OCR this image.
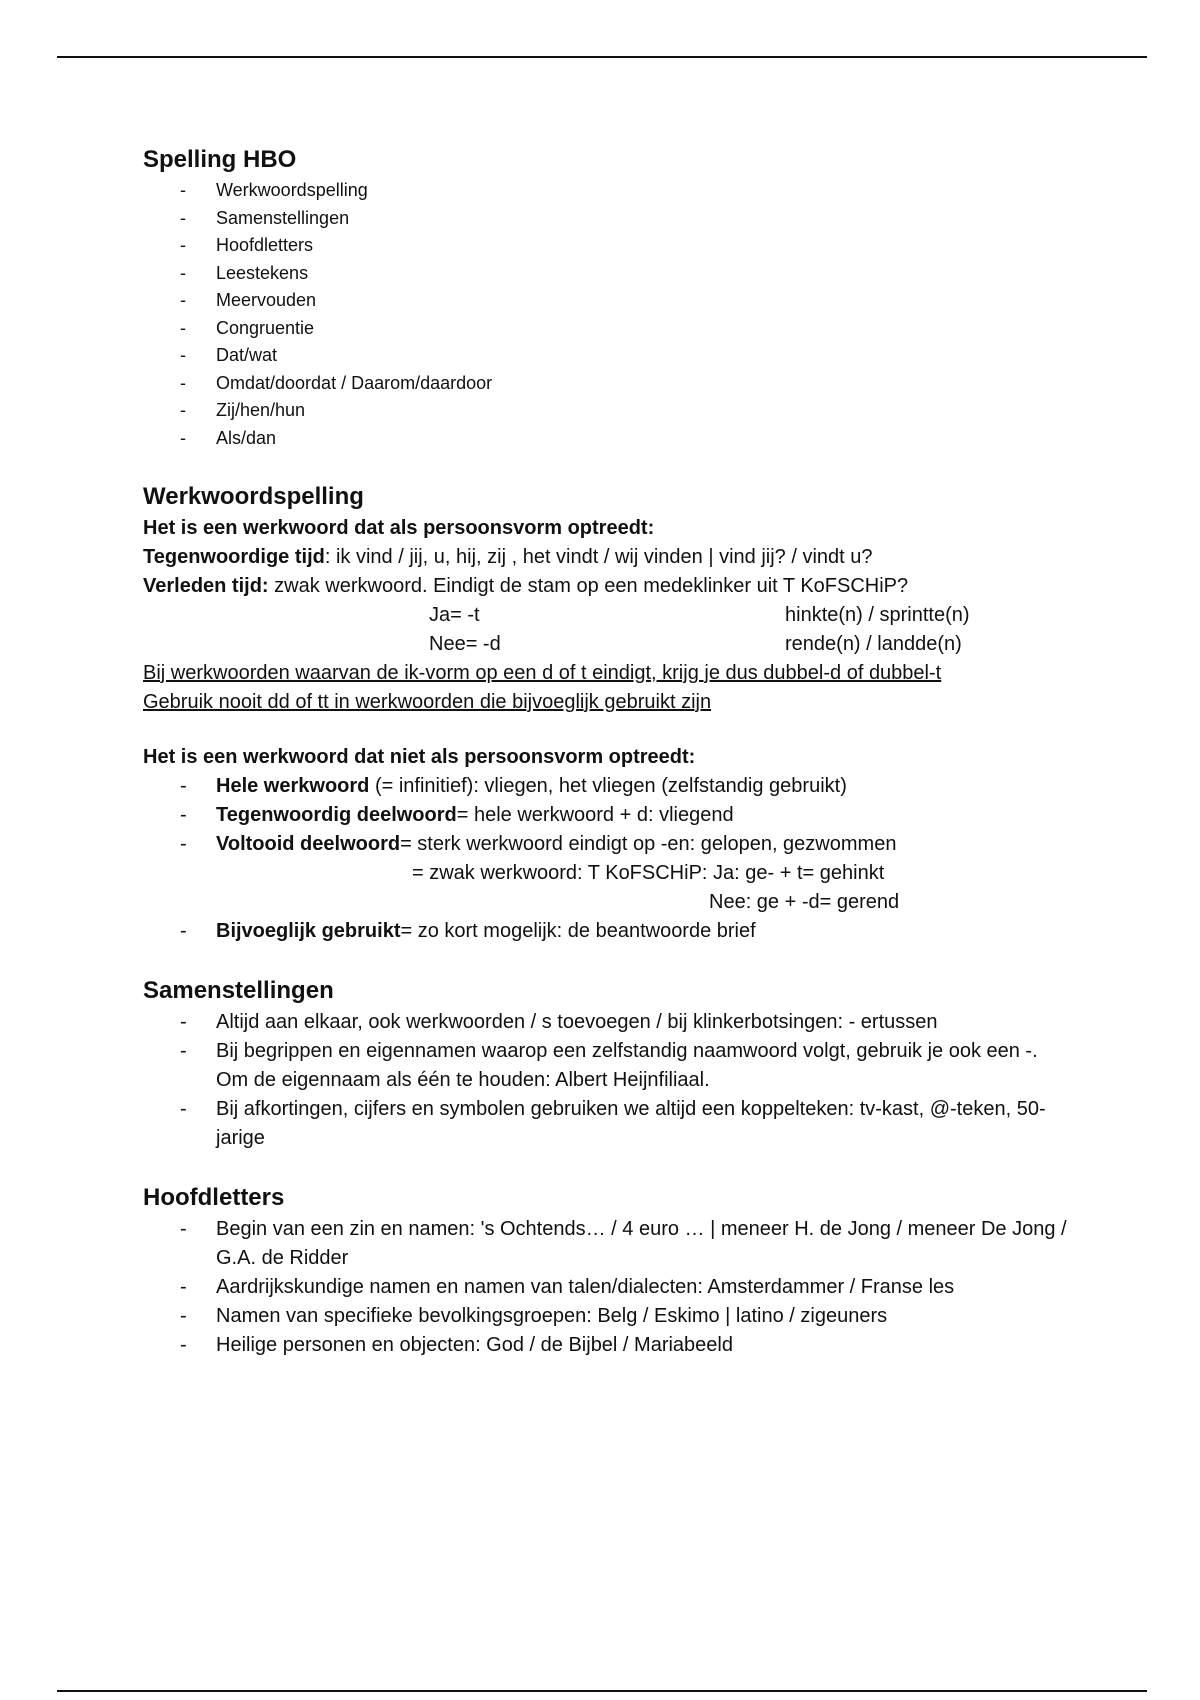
Spelling HBO
- Werkwoordspelling
- Samenstellingen
- Hoofdletters
- Leestekens
- Meervouden
- Congruentie
- Dat/wat
- Omdat/doordat / Daarom/daardoor
- Zij/hen/hun
- Als/dan
Werkwoordspelling

Het is een werkwoord dat als persoonsvorm optreedt:

Tegenwoordige tijd: ik vind / jij, u, hij, zij , het vindt / wij vinden | vind jij? / vindt u?

Verleden tijd: zwak werkwoord. Eindigt de stam op een medeklinker uit T KoFSCHiP?

Ja= -t	hinkte(n) / sprintte(n)
Nee= -d	rende(n) / landde(n)

Bij werkwoorden waarvan de ik-vorm op een d of t eindigt, krijg je dus dubbel-d of dubbel-t

Gebruik nooit dd of tt in werkwoorden die bijvoeglijk gebruikt zijn

Het is een werkwoord dat niet als persoonsvorm optreedt:

- Hele werkwoord (= infinitief): vliegen, het vliegen (zelfstandig gebruikt)
- Tegenwoordig deelwoord= hele werkwoord + d: vliegend
- Voltooid deelwoord= sterk werkwoord eindigt op -en: gelopen, gezwommen
= zwak werkwoord: T KoFSCHiP: Ja: ge- + t= gehinkt
Nee: ge + -d= gerend
- Bijvoeglijk gebruikt= zo kort mogelijk: de beantwoorde brief
Samenstellingen
- Altijd aan elkaar, ook werkwoorden / s toevoegen / bij klinkerbotsingen: - ertussen
- Bij begrippen en eigennamen waarop een zelfstandig naamwoord volgt, gebruik je ook een -. Om de eigennaam als één te houden: Albert Heijnfiliaal.
- Bij afkortingen, cijfers en symbolen gebruiken we altijd een koppelteken: tv-kast, @-teken, 50-jarige
Hoofdletters
- Begin van een zin en namen: 's Ochtends… / 4 euro … | meneer H. de Jong / meneer De Jong / G.A. de Ridder
- Aardrijkskundige namen en namen van talen/dialecten: Amsterdammer / Franse les
- Namen van specifieke bevolkingsgroepen: Belg / Eskimo | latino / zigeuners
- Heilige personen en objecten: God / de Bijbel / Mariabeeld
